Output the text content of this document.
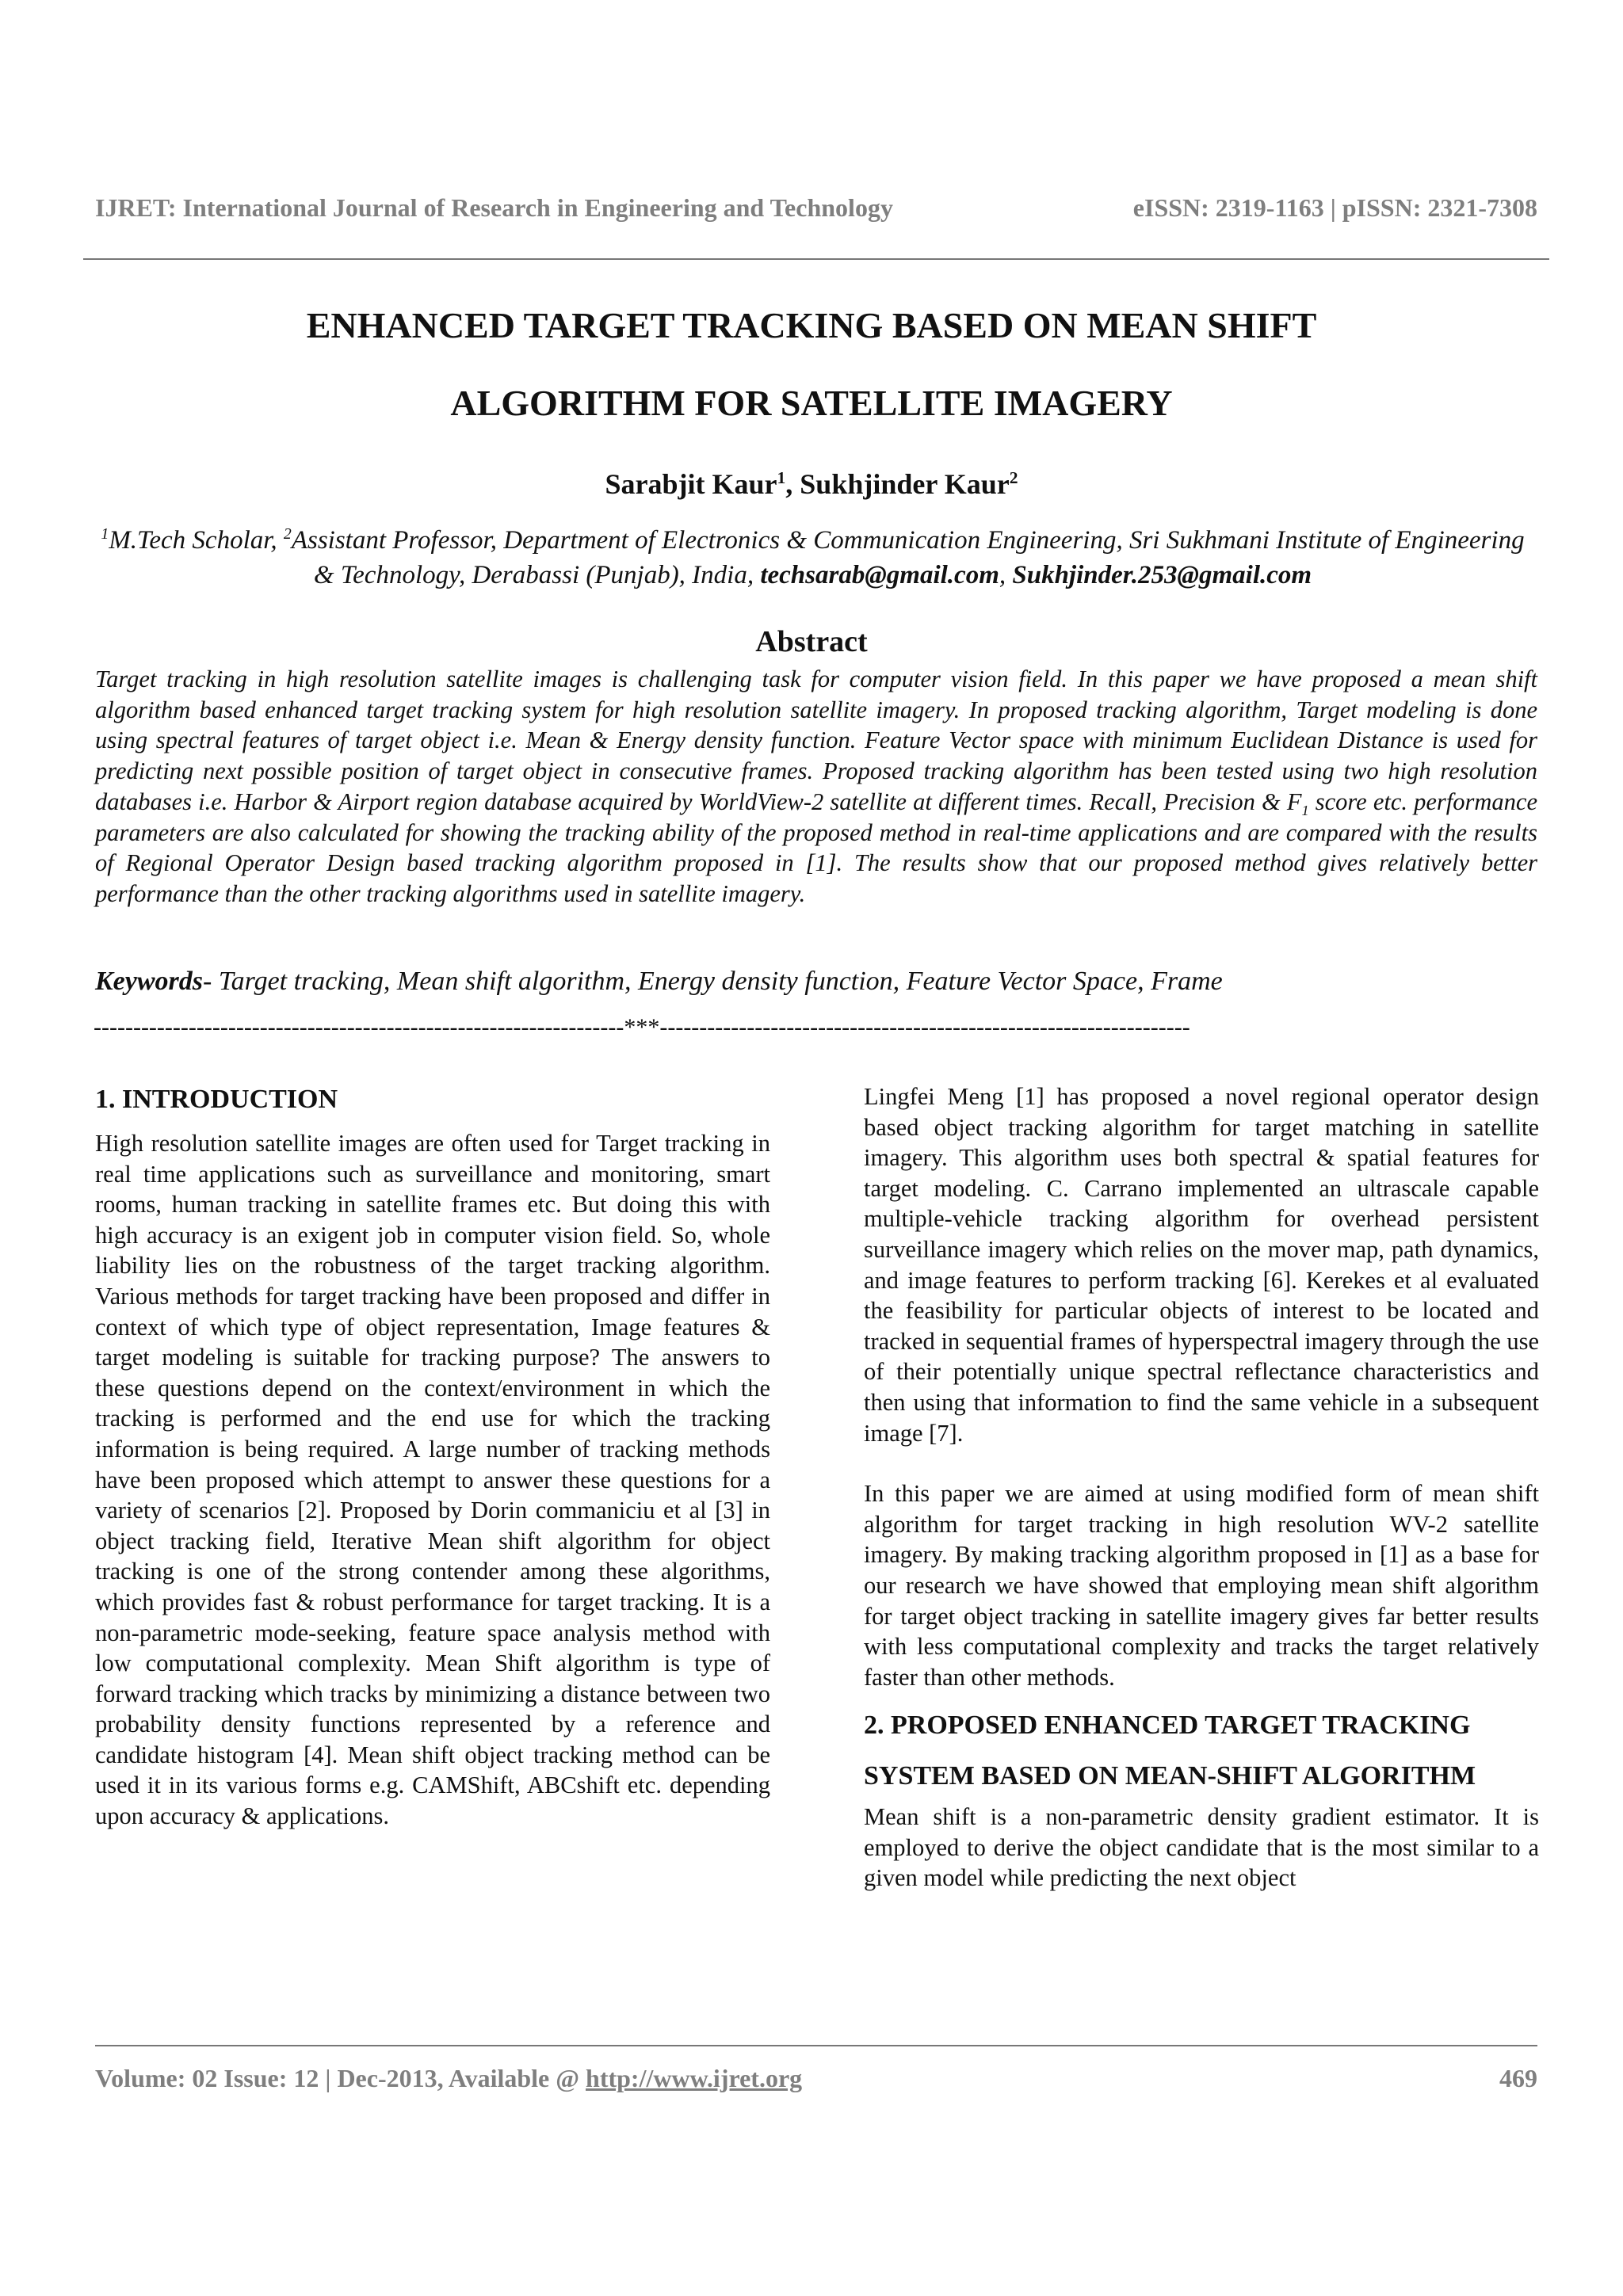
IJRET: International Journal of Research in Engineering and Technology	eISSN: 2319-1163 | pISSN: 2321-7308
ENHANCED TARGET TRACKING BASED ON MEAN SHIFT
ALGORITHM FOR SATELLITE IMAGERY
Sarabjit Kaur$^1$, Sukhjinder Kaur$^2$
$^1$M.Tech Scholar, $^2$Assistant Professor, Department of Electronics & Communication Engineering, Sri Sukhmani Institute of Engineering & Technology, Derabassi (Punjab), India, techsarab@gmail.com, Sukhjinder.253@gmail.com
Abstract
Target tracking in high resolution satellite images is challenging task for computer vision field. In this paper we have proposed a mean shift algorithm based enhanced target tracking system for high resolution satellite imagery. In proposed tracking algorithm, Target modeling is done using spectral features of target object i.e. Mean & Energy density function. Feature Vector space with minimum Euclidean Distance is used for predicting next possible position of target object in consecutive frames. Proposed tracking algorithm has been tested using two high resolution databases i.e. Harbor & Airport region database acquired by WorldView-2 satellite at different times. Recall, Precision & $F_1$ score etc. performance parameters are also calculated for showing the tracking ability of the proposed method in real-time applications and are compared with the results of Regional Operator Design based tracking algorithm proposed in [1]. The results show that our proposed method gives relatively better performance than the other tracking algorithms used in satellite imagery.
Keywords- Target tracking, Mean shift algorithm, Energy density function, Feature Vector Space, Frame
-------------------------------------------------------------------***-------------------------------------------------------------------
1. INTRODUCTION

High resolution satellite images are often used for Target tracking in real time applications such as surveillance and monitoring, smart rooms, human tracking in satellite frames etc. But doing this with high accuracy is an exigent job in computer vision field. So, whole liability lies on the robustness of the target tracking algorithm. Various methods for target tracking have been proposed and differ in context of which type of object representation, Image features & target modeling is suitable for tracking purpose? The answers to these questions depend on the context/environment in which the tracking is performed and the end use for which the tracking information is being required. A large number of tracking methods have been proposed which attempt to answer these questions for a variety of scenarios [2]. Proposed by Dorin commaniciu et al [3] in object tracking field, Iterative Mean shift algorithm for object tracking is one of the strong contender among these algorithms, which provides fast & robust performance for target tracking. It is a non-parametric mode-seeking, feature space analysis method with low computational complexity. Mean Shift algorithm is type of forward tracking which tracks by minimizing a distance between two probability density functions represented by a reference and candidate histogram [4]. Mean shift object tracking method can be used it in its various forms e.g. CAMShift, ABCshift etc. depending upon accuracy & applications.

Lingfei Meng [1] has proposed a novel regional operator design based object tracking algorithm for target matching in satellite imagery. This algorithm uses both spectral & spatial features for target modeling. C. Carrano implemented an ultrascale capable multiple-vehicle tracking algorithm for overhead persistent surveillance imagery which relies on the mover map, path dynamics, and image features to perform tracking [6]. Kerekes et al evaluated the feasibility for particular objects of interest to be located and tracked in sequential frames of hyperspectral imagery through the use of their potentially unique spectral reflectance characteristics and then using that information to find the same vehicle in a subsequent image [7].

In this paper we are aimed at using modified form of mean shift algorithm for target tracking in high resolution WV-2 satellite imagery. By making tracking algorithm proposed in [1] as a base for our research we have showed that employing mean shift algorithm for target object tracking in satellite imagery gives far better results with less computational complexity and tracks the target relatively faster than other methods.

2. PROPOSED ENHANCED TARGET TRACKING
SYSTEM BASED ON MEAN-SHIFT ALGORITHM

Mean shift is a non-parametric density gradient estimator. It is employed to derive the object candidate that is the most similar to a given model while predicting the next object

Volume: 02 Issue: 12 | Dec-2013, Available @ http://www.ijret.org	469
